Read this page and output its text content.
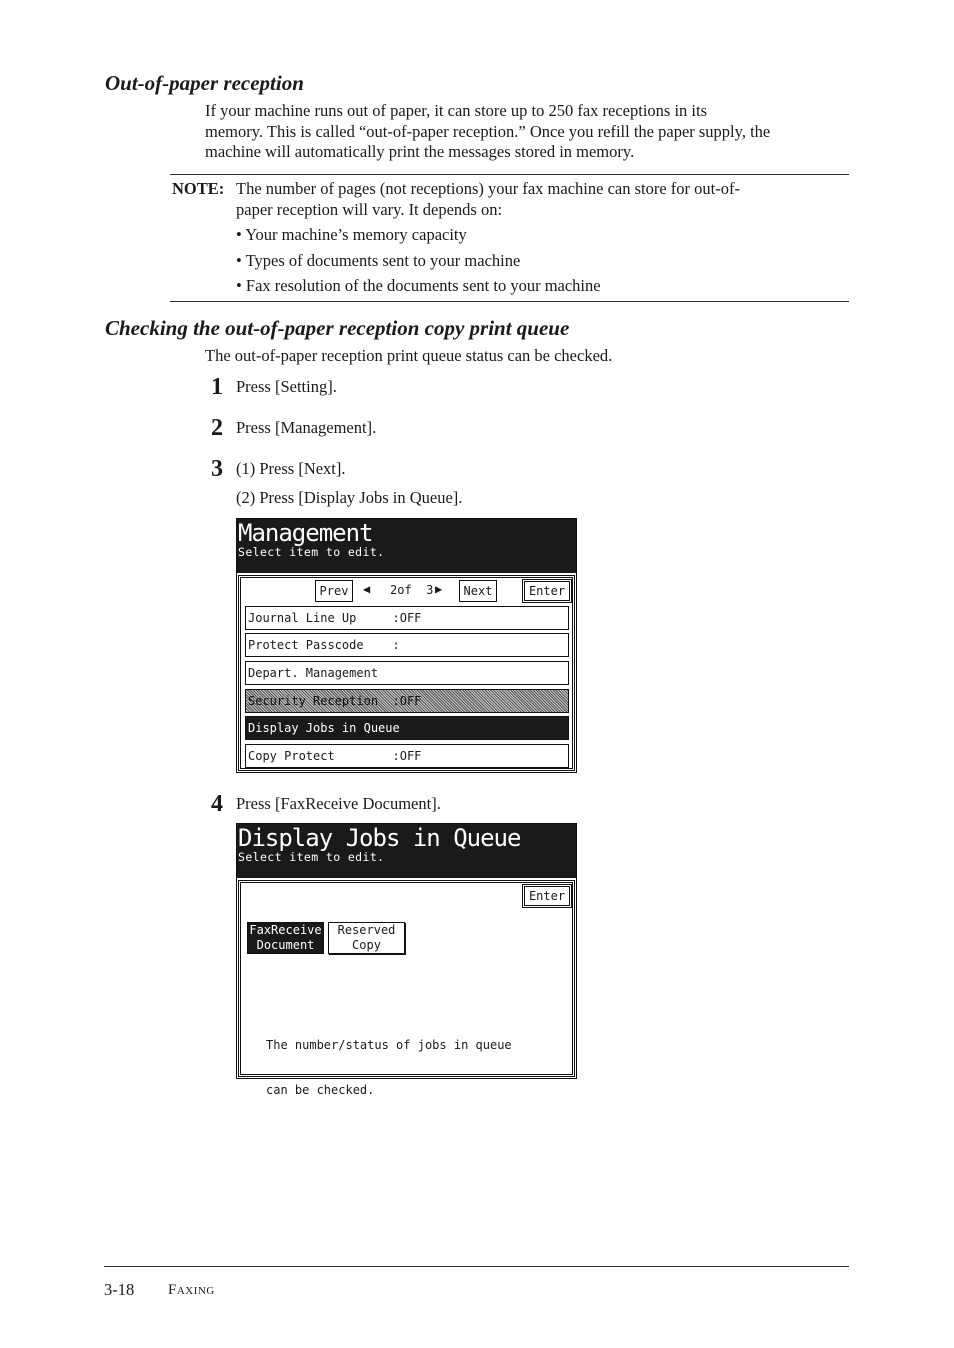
Out-of-paper reception
If your machine runs out of paper, it can store up to 250 fax receptions in its
memory. This is called “out-of-paper reception.” Once you refill the paper supply, the
machine will automatically print the messages stored in memory.
NOTE: The number of pages (not receptions) your fax machine can store for out-of-
paper reception will vary. It depends on:
• Your machine’s memory capacity
• Types of documents sent to your machine
• Fax resolution of the documents sent to your machine
Checking the out-of-paper reception copy print queue
The out-of-paper reception print queue status can be checked.
1 Press [Setting].
2 Press [Management].
3 (1) Press [Next].
(2) Press [Display Jobs in Queue].
Management
Select item to edit.
Prev	◀ 2of  3 ▶	Next	Enter
Journal Line Up     :OFF
Protect Passcode    :
Depart. Management
Security Reception  :OFF
Display Jobs in Queue
Copy Protect        :OFF
4 Press [FaxReceive Document].
Display Jobs in Queue
Select item to edit.
Enter
FaxReceive
Document
Reserved
Copy

The number/status of jobs in queue

can be checked.

3-18 Faxing
